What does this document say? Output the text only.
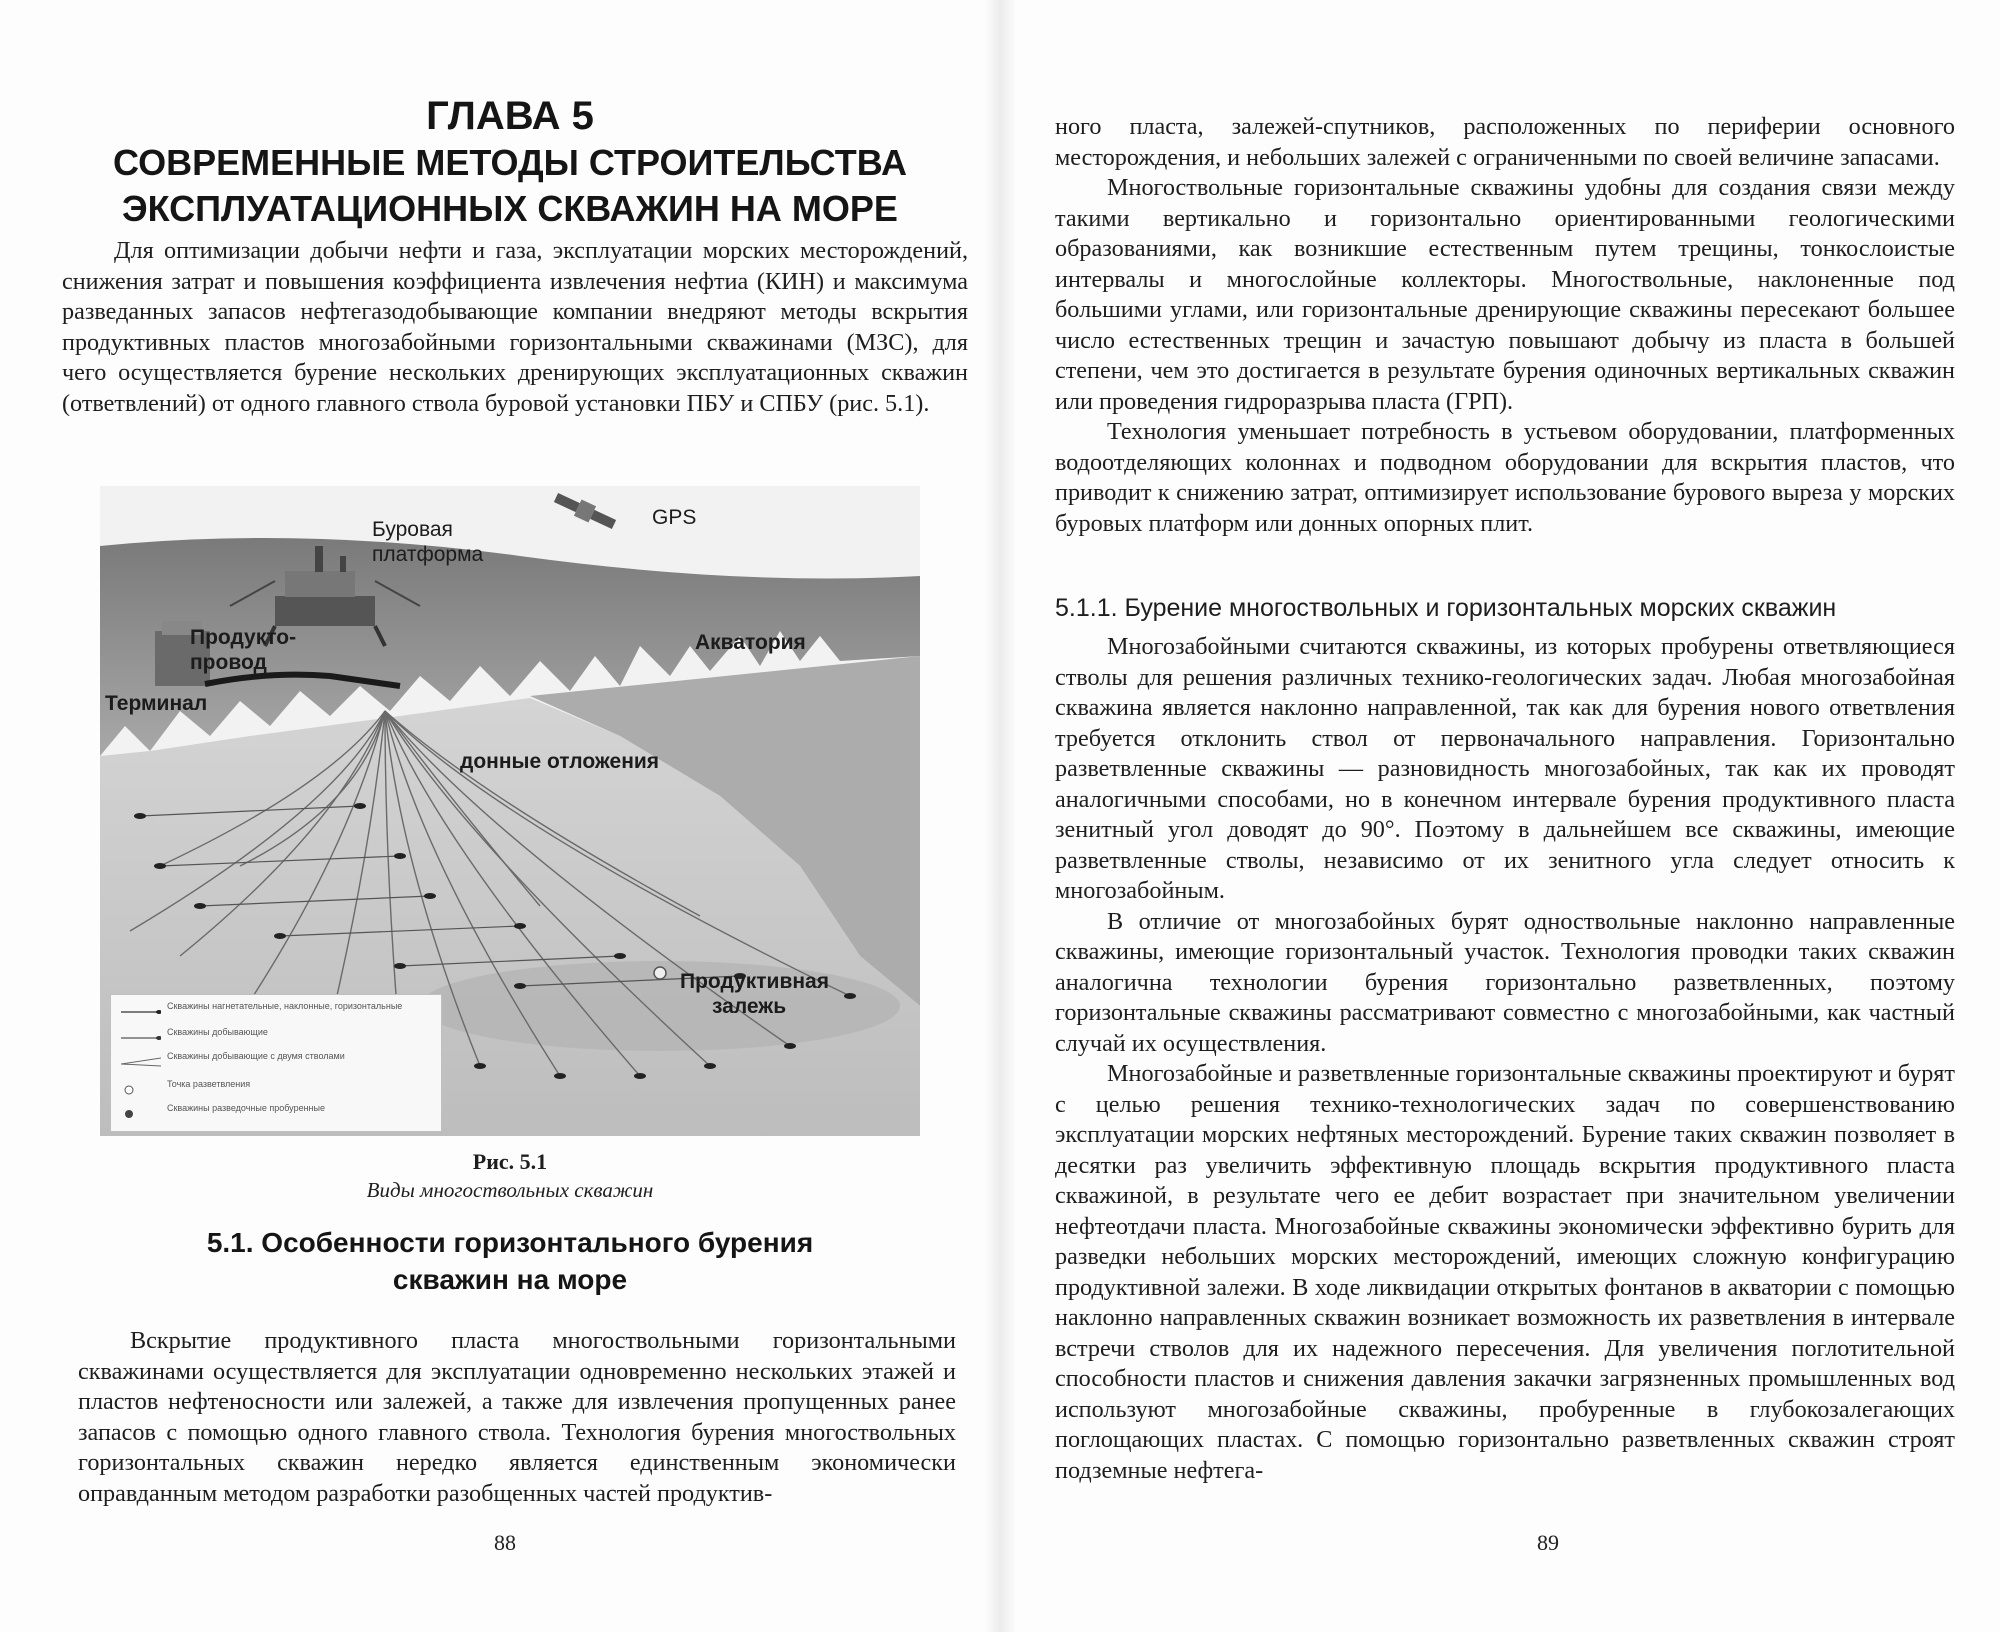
ГЛАВА 5
СОВРЕМЕННЫЕ МЕТОДЫ СТРОИТЕЛЬСТВА ЭКСПЛУАТАЦИОННЫХ СКВАЖИН НА МОРЕ

Для оптимизации добычи нефти и газа, эксплуатации морских месторождений, снижения затрат и повышения коэффициента извлечения нефтиа (КИН) и максимума разведанных запасов нефтегазодобывающие компании внедряют методы вскрытия продуктивных пластов многозабойными горизонтальными скважинами (МЗС), для чего осуществляется бурение нескольких дренирующих эксплуатационных скважин (ответвлений) от одного главного ствола буровой установки ПБУ и СПБУ (рис. 5.1).

Буровая
платформа
GPS
Продукто-
провод
Терминал
Акватория
донные отложения
Продуктивная
залежь
Скважины нагнетательные, наклонные, горизонтальные
Скважины добывающие
Скважины добывающие с двумя стволами
Точка разветвления
Скважины разведочные пробуренные
Рис. 5.1
Виды многоствольных скважин
5.1. Особенности горизонтального бурения
скважин на море

Вскрытие продуктивного пласта многоствольными горизонтальными скважинами осуществляется для эксплуатации одновременно нескольких этажей и пластов нефтеносности или залежей, а также для извлечения пропущенных ранее запасов с помощью одного главного ствола. Технология бурения многоствольных горизонтальных скважин нередко является единственным экономически оправданным методом разработки разобщенных частей продуктив-

88

ного пласта, залежей-спутников, расположенных по периферии основного месторождения, и небольших залежей с ограниченными по своей величине запасами.

Многоствольные горизонтальные скважины удобны для создания связи между такими вертикально и горизонтально ориентированными геологическими образованиями, как возникшие естественным путем трещины, тонкослоистые интервалы и многослойные коллекторы. Многоствольные, наклоненные под большими углами, или горизонтальные дренирующие скважины пересекают большее число естественных трещин и зачастую повышают добычу из пласта в большей степени, чем это достигается в результате бурения одиночных вертикальных скважин или проведения гидроразрыва пласта (ГРП).

Технология уменьшает потребность в устьевом оборудовании, платформенных водоотделяющих колоннах и подводном оборудовании для вскрытия пластов, что приводит к снижению затрат, оптимизирует использование бурового выреза у морских буровых платформ или донных опорных плит.

5.1.1. Бурение многоствольных и горизонтальных морских скважин

Многозабойными считаются скважины, из которых пробурены ответвляющиеся стволы для решения различных технико-геологических задач. Любая многозабойная скважина является наклонно направленной, так как для бурения нового ответвления требуется отклонить ствол от первоначального направления. Горизонтально разветвленные скважины — разновидность многозабойных, так как их проводят аналогичными способами, но в конечном интервале бурения продуктивного пласта зенитный угол доводят до 90°. Поэтому в дальнейшем все скважины, имеющие разветвленные стволы, независимо от их зенитного угла следует относить к многозабойным.

В отличие от многозабойных бурят одноствольные наклонно направленные скважины, имеющие горизонтальный участок. Технология проводки таких скважин аналогична технологии бурения горизонтально разветвленных, поэтому горизонтальные скважины рассматривают совместно с многозабойными, как частный случай их осуществления.

Многозабойные и разветвленные горизонтальные скважины проектируют и бурят с целью решения технико-технологических задач по совершенствованию эксплуатации морских нефтяных месторождений. Бурение таких скважин позволяет в десятки раз увеличить эффективную площадь вскрытия продуктивного пласта скважиной, в результате чего ее дебит возрастает при значительном увеличении нефтеотдачи пласта. Многозабойные скважины экономически эффективно бурить для разведки небольших морских месторождений, имеющих сложную конфигурацию продуктивной залежи. В ходе ликвидации открытых фонтанов в акватории с помощью наклонно направленных скважин возникает возможность их разветвления в интервале встречи стволов для их надежного пересечения. Для увеличения поглотительной способности пластов и снижения давления закачки загрязненных промышленных вод используют многозабойные скважины, пробуренные в глубокозалегающих поглощающих пластах. С помощью горизонтально разветвленных скважин строят подземные нефтега-

89
